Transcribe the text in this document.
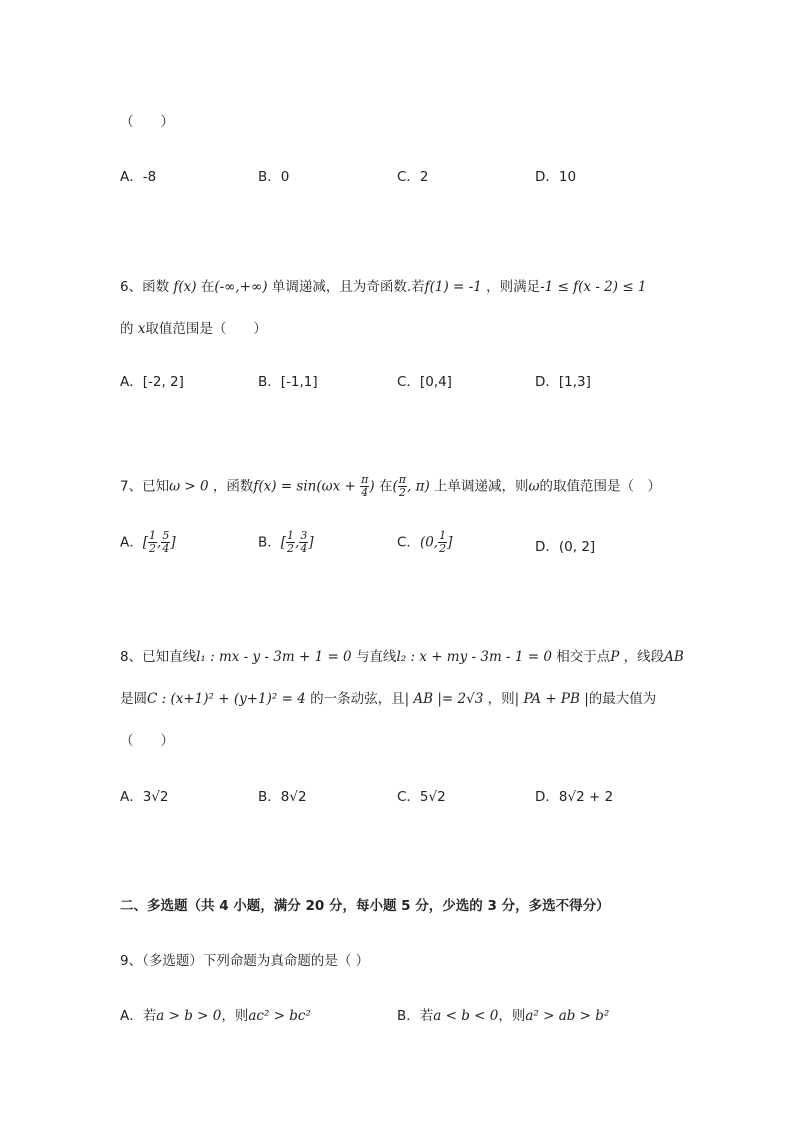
（　　）
A．-8	B．0	C．2	D．10
6、函数 f(x) 在(-∞,+∞) 单调递减，且为奇函数.若f(1) = -1 ，则满足-1 ≤ f(x - 2) ≤ 1
的 x取值范围是（　　）
A．[-2, 2]	B．[-1,1]	C．[0,4]	D．[1,3]
7、已知ω > 0 ，函数$f(x) = \sin(\omega x + \frac{\pi}{4}$ ) 在( $\frac{\pi}{2}$ , π) 上单调递减，则ω的取值范围是（　）
A．[ $\frac{1}{2}$ , $\frac{5}{4}$ ]	B．[ $\frac{1}{2}$ , $\frac{3}{4}$ ]	C．(0, $\frac{1}{2}$ ]	D．(0, 2]
8、已知直线l₁ : mx - y - 3m + 1 = 0 与直线l₂ : x + my - 3m - 1 = 0 相交于点P ，线段AB
是圆C : (x+1)² + (y+1)² = 4 的一条动弦，且| AB |= 2√3 ，则| PA + PB |的最大值为
（　　）
A．3√2	B．8√2	C．5√2	D．8√2 + 2
二、多选题（共 4 小题，满分 20 分，每小题 5 分，少选的 3 分，多选不得分）
9、（多选题）下列命题为真命题的是（ ）
A．若a > b > 0，则ac² > bc²	B．若a < b < 0，则a² > ab > b²
